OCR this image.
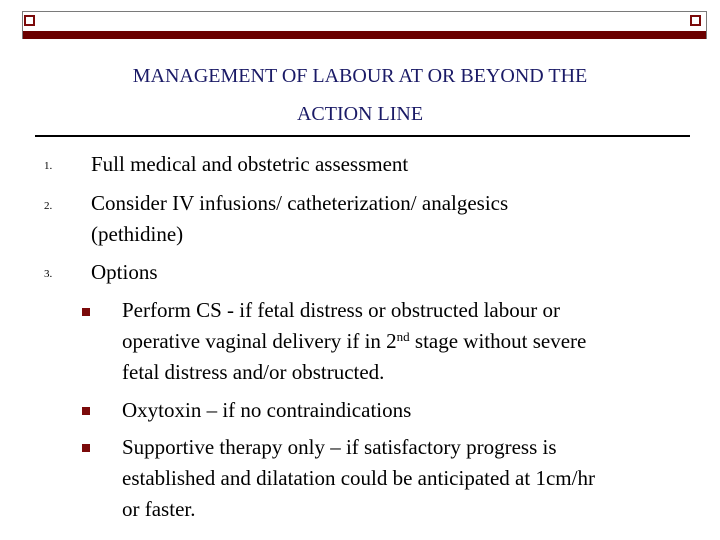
MANAGEMENT OF LABOUR AT OR BEYOND THE
ACTION LINE
1. Full medical and obstetric assessment

2. Consider IV infusions/ catheterization/ analgesics

(pethidine)

3. Options

Perform CS - if fetal distress or obstructed labour or

operative vaginal delivery if in 2nd stage without severe

fetal distress and/or obstructed.

Oxytoxin – if no contraindications

Supportive therapy only – if satisfactory progress is

established and dilatation could be anticipated at 1cm/hr

or faster.
